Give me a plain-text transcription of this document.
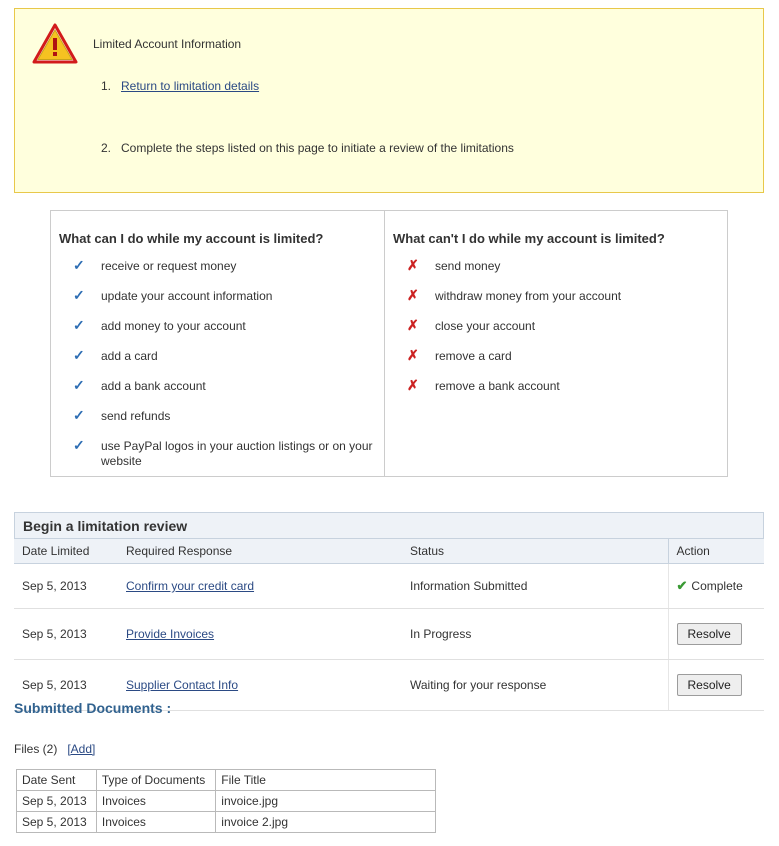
Limited Account Information
1. Return to limitation details
2. Complete the steps listed on this page to initiate a review of the limitations
What can I do while my account is limited?
✓ receive or request money
✓ update your account information
✓ add money to your account
✓ add a card
✓ add a bank account
✓ send refunds
✓ use PayPal logos in your auction listings or on your website
What can't I do while my account is limited?
✗ send money
✗ withdraw money from your account
✗ close your account
✗ remove a card
✗ remove a bank account
Begin a limitation review
Date Limited	Required Response	Status	Action
Sep 5, 2013	Confirm your credit card	Information Submitted	✔ Complete
Sep 5, 2013	Provide Invoices	In Progress	Resolve
Sep 5, 2013	Supplier Contact Info	Waiting for your response	Resolve
Submitted Documents :
Files (2) [Add]
Date Sent	Type of Documents	File Title
Sep 5, 2013	Invoices	invoice.jpg
Sep 5, 2013	Invoices	invoice 2.jpg
